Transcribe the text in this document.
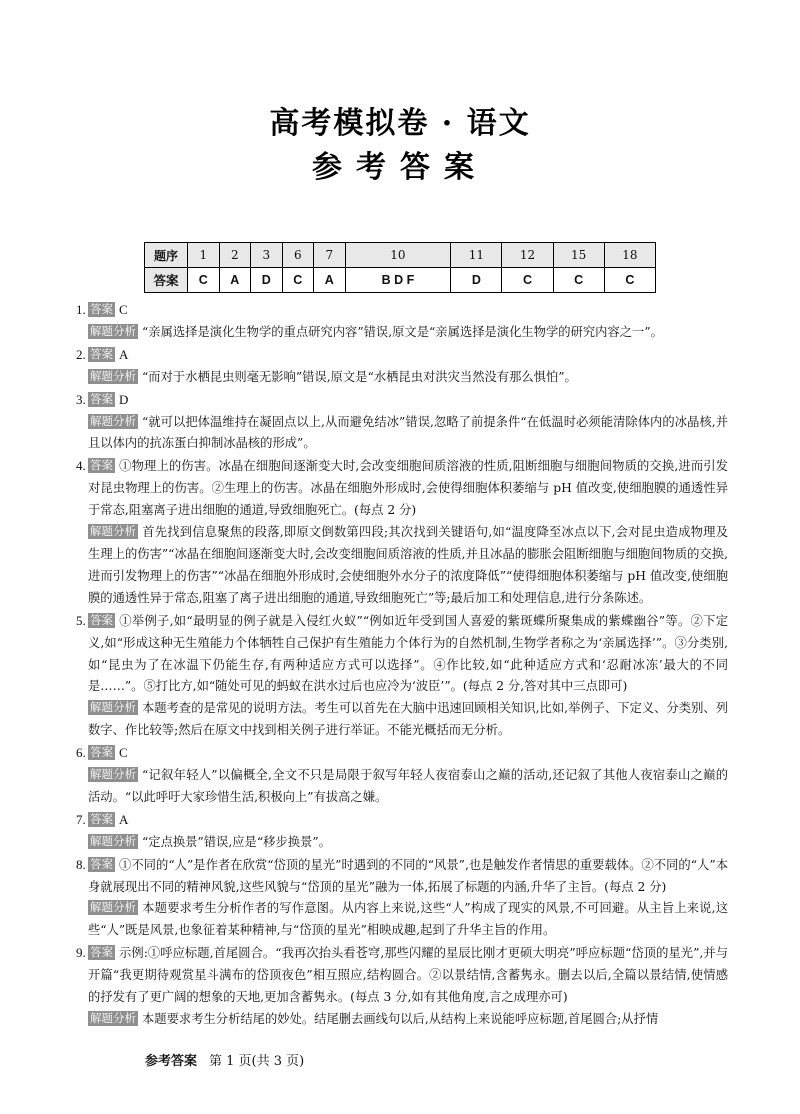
高考模拟卷 · 语文
参考答案
题序	1	2	3	6	7	10	11	12	15	18
答案	C	A	D	C	A	B D F	D	C	C	C

1. 答案 C

解题分析 “亲属选择是演化生物学的重点研究内容”错误,原文是“亲属选择是演化生物学的研究内容之一”。

2. 答案 A

解题分析 “而对于水栖昆虫则毫无影响”错误,原文是“水栖昆虫对洪灾当然没有那么惧怕”。

3. 答案 D

解题分析 “就可以把体温维持在凝固点以上,从而避免结冰”错误,忽略了前提条件“在低温时必须能清除体内的冰晶核,并且以体内的抗冻蛋白抑制冰晶核的形成”。

4. 答案 ①物理上的伤害。冰晶在细胞间逐渐变大时,会改变细胞间质溶液的性质,阻断细胞与细胞间物质的交换,进而引发对昆虫物理上的伤害。②生理上的伤害。冰晶在细胞外形成时,会使得细胞体积萎缩与 pH 值改变,使细胞膜的通透性异于常态,阻塞离子进出细胞的通道,导致细胞死亡。(每点 2 分)

解题分析 首先找到信息聚焦的段落,即原文倒数第四段;其次找到关键语句,如“温度降至冰点以下,会对昆虫造成物理及生理上的伤害”“冰晶在细胞间逐渐变大时,会改变细胞间质溶液的性质,并且冰晶的膨胀会阻断细胞与细胞间物质的交换,进而引发物理上的伤害”“冰晶在细胞外形成时,会使细胞外水分子的浓度降低”“使得细胞体积萎缩与 pH 值改变,使细胞膜的通透性异于常态,阻塞了离子进出细胞的通道,导致细胞死亡”等;最后加工和处理信息,进行分条陈述。

5. 答案 ①举例子,如“最明显的例子就是入侵红火蚁”“例如近年受到国人喜爱的紫斑蝶所聚集成的紫蝶幽谷”等。②下定义,如“形成这种无生殖能力个体牺牲自己保护有生殖能力个体行为的自然机制,生物学者称之为‘亲属选择’”。③分类别,如“昆虫为了在冰温下仍能生存,有两种适应方式可以选择”。④作比较,如“此种适应方式和‘忍耐冰冻’最大的不同是……”。⑤打比方,如“随处可见的蚂蚁在洪水过后也应冷为‘波臣’”。(每点 2 分,答对其中三点即可)

解题分析 本题考查的是常见的说明方法。考生可以首先在大脑中迅速回顾相关知识,比如,举例子、下定义、分类别、列数字、作比较等;然后在原文中找到相关例子进行举证。不能光概括而无分析。

6. 答案 C

解题分析 “记叙年轻人”以偏概全,全文不只是局限于叙写年轻人夜宿泰山之巅的活动,还记叙了其他人夜宿泰山之巅的活动。“以此呼吁大家珍惜生活,积极向上”有拔高之嫌。

7. 答案 A

解题分析 “定点换景”错误,应是“移步换景”。

8. 答案 ①不同的“人”是作者在欣赏“岱顶的星光”时遇到的不同的“风景”,也是触发作者情思的重要载体。②不同的“人”本身就展现出不同的精神风貌,这些风貌与“岱顶的星光”融为一体,拓展了标题的内涵,升华了主旨。(每点 2 分)

解题分析 本题要求考生分析作者的写作意图。从内容上来说,这些“人”构成了现实的风景,不可回避。从主旨上来说,这些“人”既是风景,也象征着某种精神,与“岱顶的星光”相映成趣,起到了升华主旨的作用。

9. 答案 示例:①呼应标题,首尾圆合。“我再次抬头看苍穹,那些闪耀的星辰比刚才更硕大明亮”呼应标题“岱顶的星光”,并与开篇“我更期待观赏星斗满布的岱顶夜色”相互照应,结构圆合。②以景结情,含蓄隽永。删去以后,全篇以景结情,使情感的抒发有了更广阔的想象的天地,更加含蓄隽永。(每点 3 分,如有其他角度,言之成理亦可)

解题分析 本题要求考生分析结尾的妙处。结尾删去画线句以后,从结构上来说能呼应标题,首尾圆合;从抒情

参考答案 第 1 页(共 3 页)
